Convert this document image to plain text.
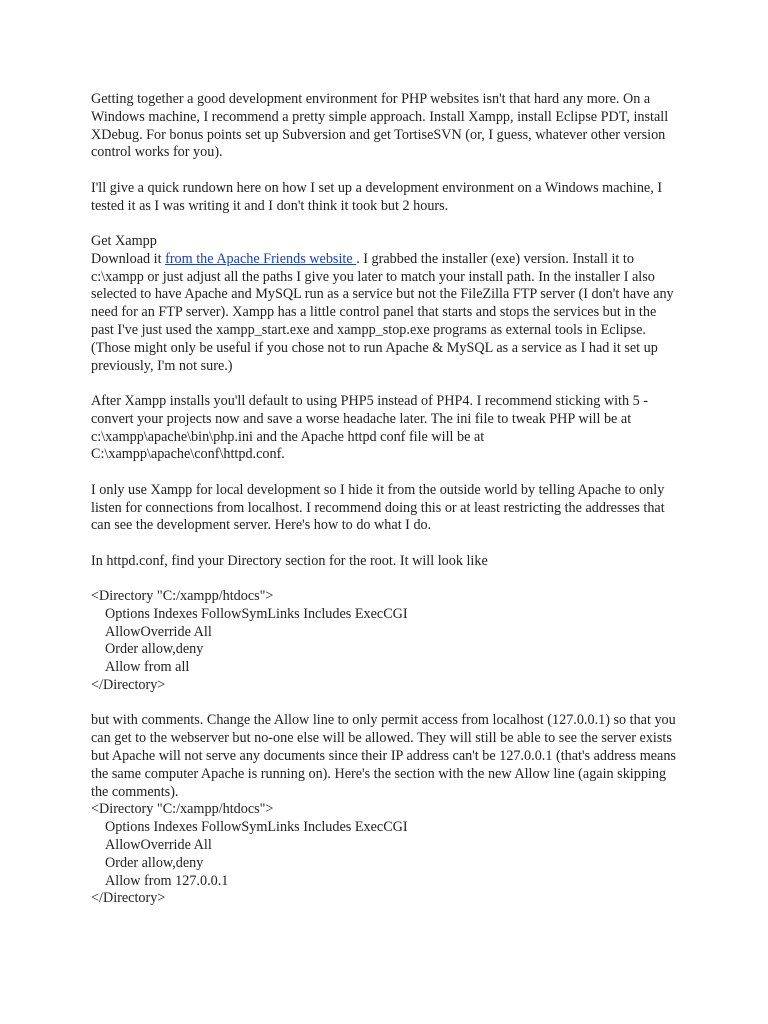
Getting together a good development environment for PHP websites isn't that hard any more. On a Windows machine, I recommend a pretty simple approach. Install Xampp, install Eclipse PDT, install XDebug. For bonus points set up Subversion and get TortiseSVN (or, I guess, whatever other version control works for you).

I'll give a quick rundown here on how I set up a development environment on a Windows machine, I tested it as I was writing it and I don't think it took but 2 hours.

Get Xampp
Download it from the Apache Friends website . I grabbed the installer (exe) version. Install it to c:\xampp or just adjust all the paths I give you later to match your install path. In the installer I also selected to have Apache and MySQL run as a service but not the FileZilla FTP server (I don't have any need for an FTP server). Xampp has a little control panel that starts and stops the services but in the past I've just used the xampp_start.exe and xampp_stop.exe programs as external tools in Eclipse. (Those might only be useful if you chose not to run Apache & MySQL as a service as I had it set up previously, I'm not sure.)

After Xampp installs you'll default to using PHP5 instead of PHP4. I recommend sticking with 5 - convert your projects now and save a worse headache later. The ini file to tweak PHP will be at c:\xampp\apache\bin\php.ini and the Apache httpd conf file will be at C:\xampp\apache\conf\httpd.conf.

I only use Xampp for local development so I hide it from the outside world by telling Apache to only listen for connections from localhost. I recommend doing this or at least restricting the addresses that can see the development server. Here's how to do what I do.

In httpd.conf, find your Directory section for the root. It will look like

<Directory "C:/xampp/htdocs">
Options Indexes FollowSymLinks Includes ExecCGI
AllowOverride All
Order allow,deny
Allow from all
</Directory>

but with comments. Change the Allow line to only permit access from localhost (127.0.0.1) so that you can get to the webserver but no-one else will be allowed. They will still be able to see the server exists but Apache will not serve any documents since their IP address can't be 127.0.0.1 (that's address means the same computer Apache is running on). Here's the section with the new Allow line (again skipping the comments).

<Directory "C:/xampp/htdocs">
Options Indexes FollowSymLinks Includes ExecCGI
AllowOverride All
Order allow,deny
Allow from 127.0.0.1
</Directory>
